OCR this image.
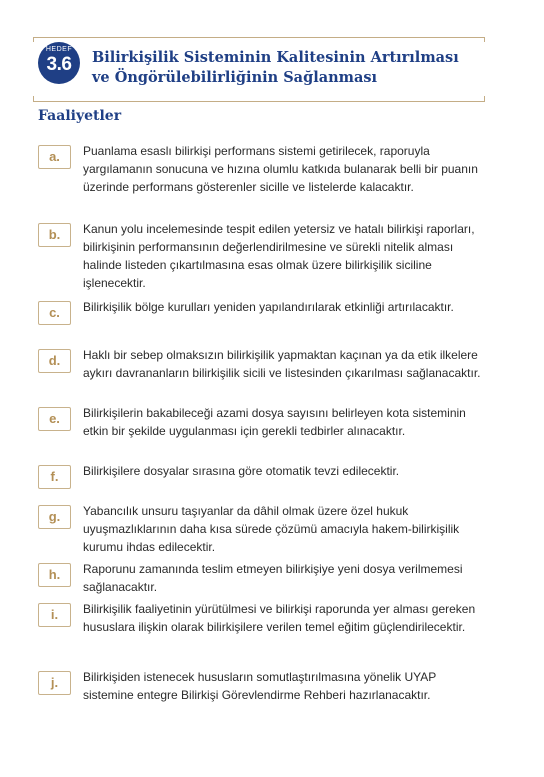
HEDEF
3.6	Bilirkişilik Sisteminin Kalitesinin Artırılması
ve Öngörülebilirliğinin Sağlanması
Faaliyetler
a.	Puanlama esaslı bilirkişi performans sistemi getirilecek, raporuyla yargılamanın sonucuna ve hızına olumlu katkıda bulanarak belli bir puanın üzerinde performans gösterenler sicille ve listelerde kalacaktır.
b.	Kanun yolu incelemesinde tespit edilen yetersiz ve hatalı bilirkişi raporları, bilirkişinin performansının değerlendirilmesine ve sürekli nitelik alması halinde listeden çıkartılmasına esas olmak üzere bilirkişilik siciline işlenecektir.
c.	Bilirkişilik bölge kurulları yeniden yapılandırılarak etkinliği artırılacaktır.
d.	Haklı bir sebep olmaksızın bilirkişilik yapmaktan kaçınan ya da etik ilkelere aykırı davrananların bilirkişilik sicili ve listesinden çıkarılması sağlanacaktır.
e.	Bilirkişilerin bakabileceği azami dosya sayısını belirleyen kota sisteminin etkin bir şekilde uygulanması için gerekli tedbirler alınacaktır.
f.	Bilirkişilere dosyalar sırasına göre otomatik tevzi edilecektir.
g.	Yabancılık unsuru taşıyanlar da dâhil olmak üzere özel hukuk uyuşmazlıklarının daha kısa sürede çözümü amacıyla hakem-bilirkişilik kurumu ihdas edilecektir.
h.	Raporunu zamanında teslim etmeyen bilirkişiye yeni dosya verilmemesi sağlanacaktır.
i.	Bilirkişilik faaliyetinin yürütülmesi ve bilirkişi raporunda yer alması gereken hususlara ilişkin olarak bilirkişilere verilen temel eğitim güçlendirilecektir.
j.	Bilirkişiden istenecek hususların somutlaştırılmasına yönelik UYAP sistemine entegre Bilirkişi Görevlendirme Rehberi hazırlanacaktır.
